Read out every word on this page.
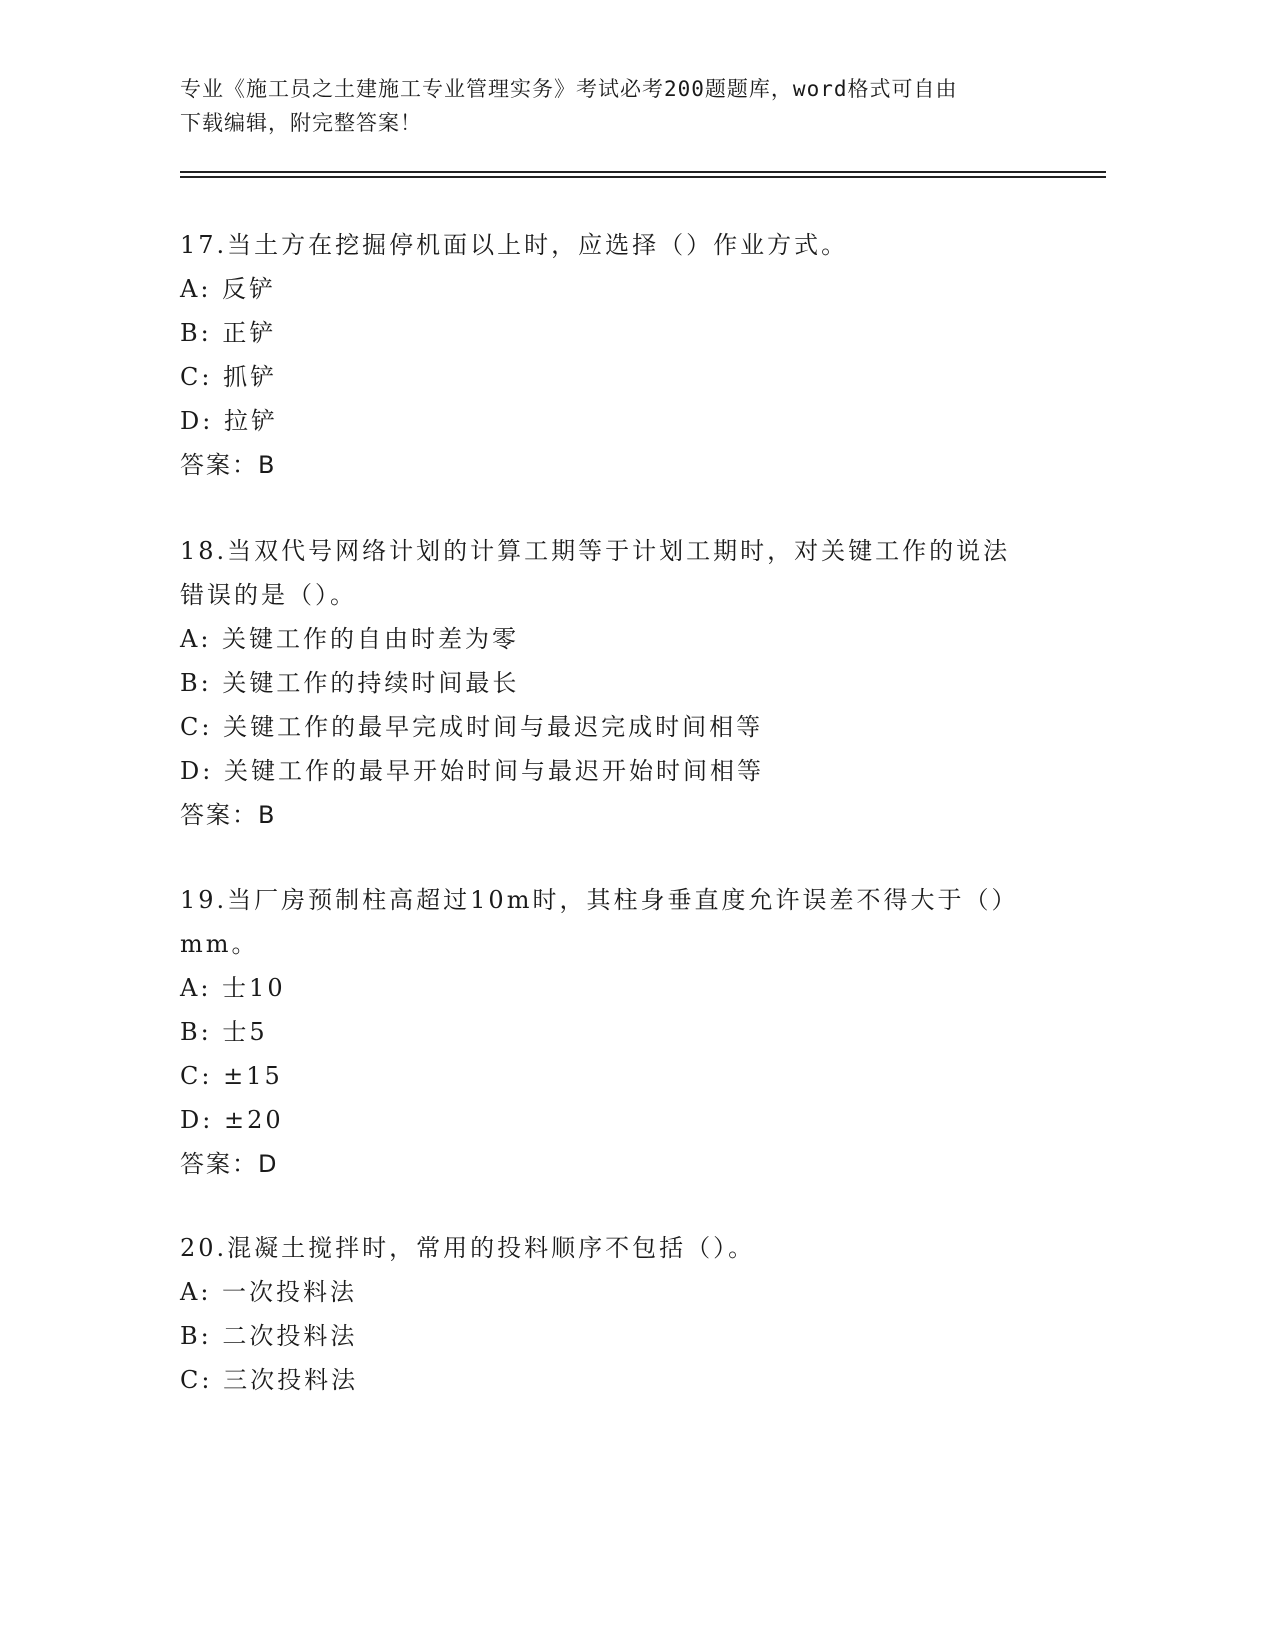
专业《施工员之土建施工专业管理实务》考试必考200题题库，word格式可自由
下载编辑，附完整答案！

17.当土方在挖掘停机面以上时，应选择（）作业方式。

A: 反铲

B: 正铲

C: 抓铲

D: 拉铲

答案：B

18.当双代号网络计划的计算工期等于计划工期时，对关键工作的说法

错误的是（）。

A: 关键工作的自由时差为零

B: 关键工作的持续时间最长

C: 关键工作的最早完成时间与最迟完成时间相等

D: 关键工作的最早开始时间与最迟开始时间相等

答案：B

19.当厂房预制柱高超过10m时，其柱身垂直度允许误差不得大于（）

mm。

A: 士10

B: 士5

C: ±15

D: ±20

答案：D

20.混凝土搅拌时，常用的投料顺序不包括（）。

A: 一次投料法

B: 二次投料法

C: 三次投料法
